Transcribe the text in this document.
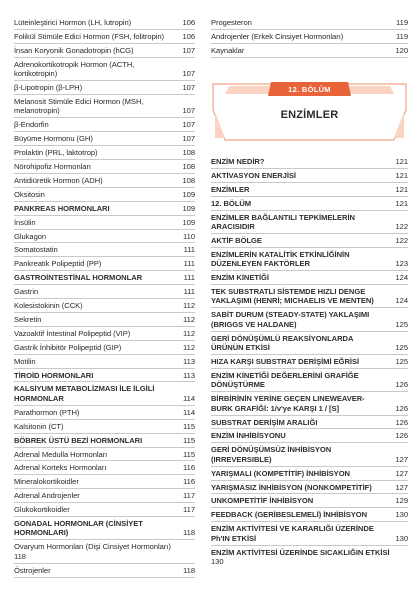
Lüteinleştirici Hormon (LH, lutropin)	106
Folikül Stimüle Edici Hormon (FSH, folitropin) 106
İnsan Koryonik Gonadotropin (hCG)	107
Adrenokortikotropik Hormon (ACTH, kortikotropin)	107
β-Lipotropin (β-LPH)	107
Melanosit Stimüle Edici Hormon (MSH, melanotropin)	107
β-Endorfin	107
Büyüme Hormonu (GH)	107
Prolaktin (PRL, laktotrop)	108
Nörohipofiz Hormonları	108
Antidiüretik Hormon (ADH)	108
Oksitosin	109
PANKREAS HORMONLARI	109
İnsülin	109
Glukagon	110
Somatostatin	111
Pankreatik Polipeptid (PP)	111
GASTROİNTESTİNAL HORMONLAR	111
Gastrin	111
Kolesistokinin (CCK)	112
Sekretin	112
Vazoaktif İntestinal Polipeptid (VIP)	112
Gastrik İnhibitör Polipeptid (GIP)	112
Motilin	113
TİROİD HORMONLARI	113
KALSİYUM METABOLİZMASI İLE İLGİLİ HORMONLAR	114
Parathormon (PTH)	114
Kalsitonin (CT)	115
BÖBREK ÜSTÜ BEZİ HORMONLARI	115
Adrenal Medulla Hormonları	115
Adrenal Korteks Hormonları	116
Mineralokortikoidler	116
Adrenal Androjenler	117
Glukokortikoidler	117
GONADAL HORMONLAR (CİNSİYET HORMONLARI)	118
Ovaryum Hormonları (Dişi Cinsiyet Hormonları)
118
Östrojenler	118
Progesteron	119
Androjenler (Erkek Cinsiyet Hormonları)	119
Kaynaklar	120
12. BÖLÜM
ENZİMLER
ENZİM NEDİR?	121
AKTİVASYON ENERJİSİ	121
ENZİMLER	121
12. BÖLÜM	121
ENZİMLER BAĞLANTILI TEPKİMELERİN ARACISIDIR	122
AKTİF BÖLGE	122
ENZİMLERİN KATALİTİK ETKİNLİĞİNİN DÜZENLEYEN FAKTÖRLER	123
ENZİM KİNETİĞİ	124
TEK SUBSTRATLI SİSTEMDE HIZLI DENGE YAKLAŞIMI (HENRİ; MICHAELIS VE MENTEN)	124
SABİT DURUM (STEADY-STATE) YAKLAŞIMI (BRIGGS VE HALDANE)	125
GERİ DÖNÜŞÜMLÜ REAKSİYONLARDA ÜRÜNÜN ETKİSİ	125
HIZA KARŞI SUBSTRAT DERİŞİMİ EĞRİSİ	125
ENZİM KİNETİĞİ DEĞERLERİNİ GRAFİĞE DÖNÜŞTÜRME	126
BİRBİRİNİN YERİNE GEÇEN LINEWEAVER-BURK GRAFİĞİ: 1/v'ye KARŞI 1 / [S]	126
SUBSTRAT DERİŞİM ARALIĞI	126
ENZİM İNHİBİSYONU	126
GERİ DÖNÜŞÜMSÜZ İNHİBİSYON (IRREVERSIBLE)	127
YARIŞMALI (KOMPETİTİF) İNHİBİSYON	127
YARIŞMASIZ İNHİBİSYON (NONKOMPETİTİF)	127
UNKOMPETİTİF İNHİBİSYON	129
FEEDBACK (GERİBESLEMELİ) İNHİBİSYON	130
ENZİM AKTİVİTESİ VE KARARLIĞI ÜZERİNDE Ph'IN ETKİSİ	130
ENZİM AKTİVİTESİ ÜZERİNDE SICAKLIĞIN ETKİSİ
130
